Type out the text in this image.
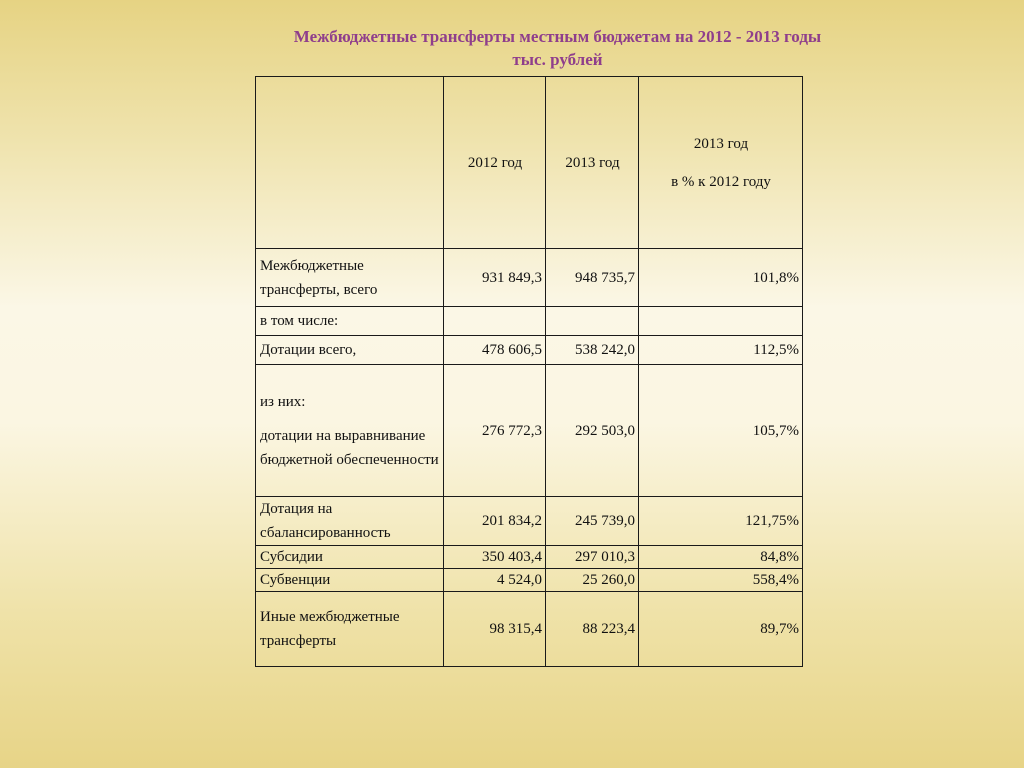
Межбюджетные трансферты местным бюджетам на 2012 - 2013 годы
тыс. рублей
	2012 год	2013 год	2013 год
в % к 2012 году

Межбюджетные трансферты, всего	931 849,3	948 735,7	101,8%
в том числе:			
Дотации всего,	478 606,5	538 242,0	112,5%
из них:
дотации на выравнивание бюджетной обеспеченности	276 772,3	292 503,0	105,7%
Дотация на сбалансированность	201 834,2	245 739,0	121,75%
Субсидии	350 403,4	297 010,3	84,8%
Субвенции	4 524,0	25 260,0	558,4%
Иные межбюджетные трансферты	98 315,4	88 223,4	89,7%
